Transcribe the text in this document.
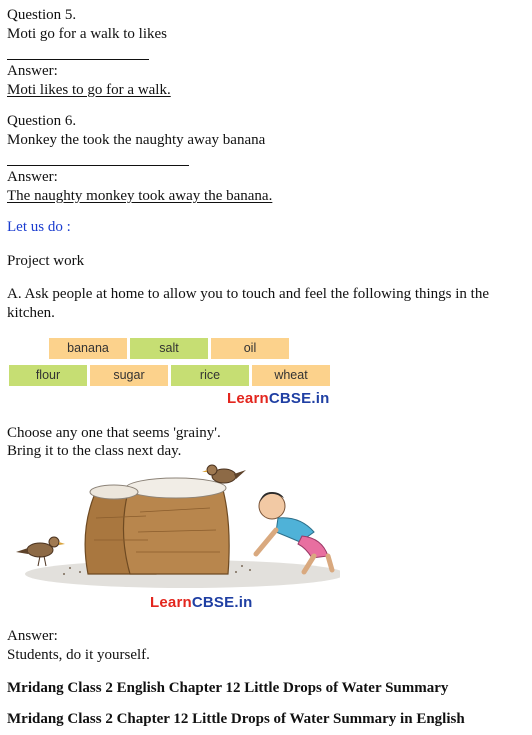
Question 5.
Moti go for a walk to likes
Answer:
Moti likes to go for a walk.
Question 6.
Monkey the took the naughty away banana
Answer:
The naughty monkey took away the banana.
Let us do :
Project work
A. Ask people at home to allow you to touch and feel the following things in the
kitchen.
banana	salt	oil
flour	sugar	rice	wheat
LearnCBSE.in
Choose any one that seems 'grainy'.
Bring it to the class next day.
LearnCBSE.in
Answer:
Students, do it yourself.
Mridang Class 2 English Chapter 12 Little Drops of Water Summary
Mridang Class 2 Chapter 12 Little Drops of Water Summary in English
